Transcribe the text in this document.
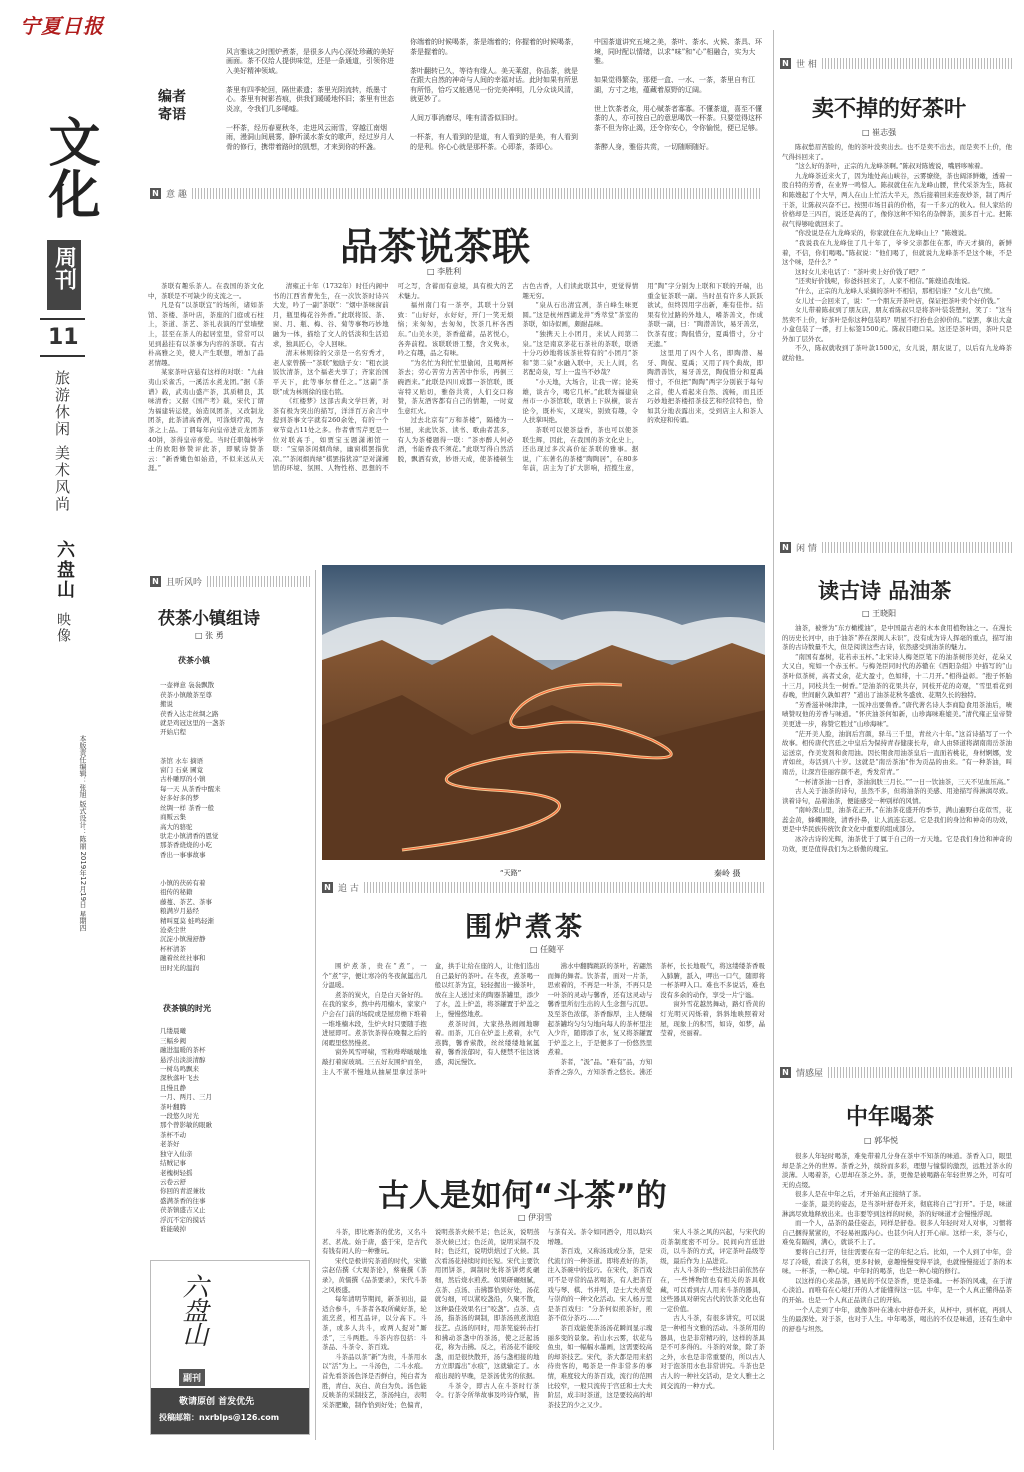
宁夏日报
文化
周刊
11
旅游休闲 美术风尚
六盘山
映像
本版责任编辑：张旭 版式设计：陈丽 2019年12月19日 星期四
编者寄语

风言雅谈之时围炉煮茶，是很多人内心深处珍藏的美好画面。茶不仅给人提供味觉，还是一条通道，引领你进入美好精神领域。

茶里有四季轮回，隔世素遗；茶里光阴流转，纸墨寸心。茶里有树影苔痕，供我们暖暖地怀旧；茶里有世态炎凉，令我们几多唏嘘。

一杯茶，经历春夏秋冬，走进风云雨雪，穿越江南烟雨，漫洞山间晨雾，静听溪水茶女的歌声，经过岁月人骨的修行，携带着路时的凯想，才来到你的杯盏。

你端着的时候喝茶，茶是端着的；你握着的时候喝茶，茶是握着的。

茶叶翻转已久，等待有缘人。美天莱甜，你品茶，就是在跟大自然的神奇与人间的幸福对话。此时如果有所思有所悟，恰巧又能遇见一份完美神明，几分众谈风清，就更妙了。

人间万事消磨尽，唯有清香似旧时。

一杯茶，有人看到的是道，有人看到的是美，有人看到的是利。你心心就是那杯茶。心即茶，茶即心。

中国茶道讲究五境之美，茶叶、茶水、火候、茶具、环境，同时配以情绪，以求“味”和“心”相融合，实为大雅。

如果觉得繁杂，那便一盒、一水、一茶，茶里自有江湖，方寸之地，蕴藏着原野的辽阔。

世上饮茶者众，用心赋茶者寡寡。不懂茶道，喜至不懂茶的人，亦可按自己的意思喝饮一杯茶。只要觉得这杯茶不但为你止渴，还令你安心，令你愉悦，便已足够。

茶醉人身，雅俗共赏，一切随顺随好。

N 意 趣
品茶说茶联
□ 李胜利

茶联有趣乐茶人。在我国的茶文化中，茶联是不可缺少的支流之一。

凡是有“以茶联宜”的场所，诸如茶馆、茶楼、茶叶店，茶座的门庭或石柱上，茶道、茶艺、茶礼表演的厅堂墙壁上，甚至在茶人的起居室里，常常可以见到悬挂有以茶事为内容的茶联。有古朴高雅之美，使人产生联想，增加了品茗情趣。

某家茶叶店悬有这样的对联：“九曲夷山采雀舌，一溪活水煮龙团。”据《茶谱》载，武夷山盛产茶，其质精良，其味清香；又据《国产考》载，宋代丁谓为福建转运使，始造凤团茶，又改制龙团茶，此茶清高香冽，可涤烦疗渴，为茶之上品。丁谓每年向皇帝进贡龙团茶40饼，茶得皇帝喜爱。当时任职翰林学士的欧阳修赞评此茶，即赋诗赞茶云：“新香嫩色如始造，不似来远从天涯。”

清雍正十年（1732年）时任内阁中书的江西省曹先生，在一次饮茶时诗兴大发，吟了一副“茶联”：“烟中茶味窗前月，瓶里梅花谷外香。”此联将饭、茶、窗、月、瓶、梅、谷、菊等事物巧妙地融为一体，描绘了文人的恬淡和生活追求，独具匠心，令人回味。

清末林则徐的父亲是一名穷秀才，老人家曾撰一“茶联”勉励子女：“粗衣淡饭饮清茶，这个福老夫享了；齐家治国平天下，此等事尔曹任之。”这副“茶联”成为林则徐的座右铭。

《红楼梦》这部古典文学巨著，对茶有极为突出的描写，洋洋百万余言中提到茶事文字就有260余处，有的一个章节竟占11处之多。作者曹雪芹更是一位对联高手，如贾宝玉题潇湘馆一联：“宝鼎茶闲烟尚绿，幽窗棋罢指犹凉。”“茶闲烟尚绿”棋罢指犹凉”是对潇湘馆的环境、氛围、人物性格、思想的不可之写，含蓄而有意境，具有极大的艺术魅力。

福州南门有一茶亭，其联十分别致：“山好好，水好好，开门一笑无烦恼；来匆匆，去匆匆，饮茶几杯各西东。”山美水美，茶香蕴蓄，品茗悦心，各奔前程。该联联语工整，含义隽永，吟之有趣，品之有味。

“为名忙为利忙忙里偷闲，且喝两杯茶去；劳心苦劳力苦苦中作乐，再倒三碗酒来。”此联是四川成都一茶馆联，既寄特又贴切，雅俗共赏，人们交口称赞，茶友酒客都有自己的情趣，一时竟生意红火。

过去北京有“万和茶楼”，隔楼为一书屋，来此饮茶、读书、歌曲者甚多，有人为茶楼题得一联：“茶亦醉人何必酒，书能香我不须花。”此联写得自然活脱，飘洒有致，妙语天成，使茶楼顿生古色古香，人们读此联其中，更觉得情趣无穷。

“泉从石出清宜冽，茶自峰生味更圆。”这是杭州西湖龙井“秀萃堂”茶室的茶联，如诗似画，颇耐品味。

“独携天上小团月，来试人间第二泉。”这是南京茅花石茶社的茶联，联语十分巧妙地将该茶社特有的“小团月”茶和“第二泉”水融入联中，天上人间，名茗配奇泉，写上一盅当不妙哉？

“小天地，大场合，让我一席；论英雄，谈古今，喝它几杯。”此联为福建泉州市一小茶馆联，联语上下纵横，谈古论今，既朴实，又现实，别致有趣，令人扶掌叫绝。

茶联可以使茶益香，茶也可以使茶联生辉，因此，在我国的茶文化史上，还出现过多次高价征茶联的雅事。据说，广东著名的茶楼“陶陶居”，在80多年前，店主为了扩大影响，招揽生意，用“陶”字分别为上联和下联的开端，出重金征茶联一副。当时虽有许多人跃跃欲试，但终因用字出新，难有佳作。结果有位过路的外地人，嗜茶善文，作成茶联一副，曰：“陶潜善饮，易牙善烹，饮茶有度；陶侃惜分，夏禹惜寸，分寸无遗。”

这里用了四个人名，即陶潜、易牙、陶侃、夏禹；又用了四个典故，即陶潜善饮，易牙善烹，陶侃惜分和夏禹惜寸，不但把“陶陶”两字分别嵌于每句之首，使人看起来自然、流畅，而且还巧妙地把茶楼招茶技艺和经营特色，恰如其分地表露出来，受到店主人和茶人的欢迎和传诵。

N 且听风吟
茯茶小镇组诗
□ 张 勇
茯茶小镇

一壶禅意 袅袅飘散
茯茶小镇敞茶至尊
搬说
茯香入达走丝绸之路
就是鸡冠这里的一盏茶
开始启程

茶馆 水车 摘语
窗门 石桌 圃竟
古朴雕厚的小镇
每一天 从茶香中醒来
好多好多的梦
丝绸一样 茶香一般
商贩云集
高大的骆驼
驮走小镇清香的恩觉
那茶香烧烧的小吃
香出一事事故事

小镇的茯砖有着
祖传的秘籍
藤蔓、茶艺、茶事
粮满岁月悬经
精叫夏莫 蛙鸣轻渐
沧桑尘世
沉淀小镇漫舒静
杯杯清茶
融着丝丝社事和
田时光的温润

茯茶镇的时光

几缕晨曦
三幅乡阙
融进温暖的茶杯
悬浮出淡淡清醇
一树岛鸣飘来
深秋落叶飞去
且慢且静
一月、两月、三月
茶叶翻腾
一段悠久时光
那个曾影敏的眼瞅
茶杯不动
老茶好
独守入仙亲
结贼记事
老槐树轻摇
云卷云舒
你回的青涩兼妆
盛满茶香的往事
茯茶镇盛吉又止
浮沉不定的摸话
谁能破掉

六盘山
副刊
敬请原创 首发优先
投稿邮箱：nxrblps@126.com
“天路”	秦岭 摄
N 追 古
围炉煮茶
□ 任随平

围炉煮茶，贵在“煮”，一个“煮”字，便让寒冷的冬夜氤氲出几分温暖。

煮茶的炭火，自是白天备好的。在我的家乡，熬中药用楠木，家家户户会在门前的场院或是屋房檐下堆着一堆堆楠木段，生炉火时只要随手抱进屋即可。煮茶饮茶得在晚餐之后的闲暇里悠然慢煮。

窗外风雪呼啸，雪粒哔哔啵啵地敲打着窗玻璃。三五好友围炉而坐，主人不紧不慢地从抽屉里拿过茶叶盒，拱手让给在座的人，让他们选出自己最好的茶叶。在冬夜，煮茶喝一般以红茶为宜，轻轻握出一撮茶叶，放在主人送过来的陶器茶罐里，添少了水，盖上炉盖，将茶罐置于炉盖之上，慢慢悠地煮。

煮茶时间，大家热热闹闹地聊着。而茶，兀自在炉盖上煮着，水气蒸腾，馨香萦散，丝丝缕缕地氤氲着，馨香浓郁时，有人便禁不住这诱惑，渴沅慢饮。

沸水中翻腾跳跃的茶叶，若翩然而舞的舞者。饮茶者，面对一片茶，思索着的，不再是一叶茶，不再只是一叶茶的灵动与馨香，还有这灵动与馨香里所衍生出的人生念想与沉思。及至茶色浓郁，茶香醇厚，主人便端起茶罐均匀匀匀地向每人的茶杯里注入少许，随即添了水，复又将茶罐置于炉盖之上，于是便多了一份悠然里煮着。

茶者，“汲”品。“难有”品，方知茶香之弥久，方知茶香之悠长。沸还茶杯，长长地吸气，将这缕缕茶香吸入肺腑，舐入，呷出一口气，随即将一杯茶呷入口。难也不多说话，难也没有多余的动作，享受一片宁谧。

窗外雪花越然舞动，路灯昏黄的灯光明灭闪烁着，斜斜地映照着对屋，现象上的积雪，如诗，如梦，晶莹着，亮丽着。

古人是如何“斗茶”的
□ 伊羽雪

斗茶，即比赛茶的优劣，又名斗茗、茗战。始于唐，盛于宋，是古代有钱有闲人的一种雅玩。

宋代是极讲究茶道的时代，宋徽宗赵佶撰《大观茶论》，蔡襄撰《茶录》，黄儒撰《品茶要录》，宋代斗茶之风极盛。

每年清明节期间，新茶初出，最适合参斗，斗茶者各取所藏好茶，轮流烹煮，相互品评，以分高下。斗茶，或多人共斗，或两人捉对“厮杀”，三斗两胜。斗茶内容包括：斗茶品、斗茶令、茶百戏。

斗茶品以茶“新”为贵，斗茶用水以“活”为上。一斗汤色，二斗水痕。首先看茶汤色泽是否鲜白，纯白者为胜，青白、灰白、黄白为负。汤色能反映茶的采制技艺，茶汤纯白，表明采茶肥嫩，制作恰到好处；色偏青，说明蒸茶火候不足；色泛灰，说明蒸茶火候已过；色泛黄，说明采制不及时；色泛红，说明烘焙过了火候。其次看汤花持续时间长短。宋代主要饮用团饼茶，调制时先将茶饼烤炙碾细，然后烧水煎煮。如果研碾细腻，点茶、点汤、击拂都恰到好处，汤花就匀细，可以紧咬盏沿，久聚不散，这种最佳效果名曰“咬盏”。点茶、点汤，指茶汤的调制，即茶汤煎煮沏泡技艺。点汤的同时，用茶筅旋转击打和拂动茶盏中的茶汤，使之泛起汤花，称为击拂。反之，若汤花不能咬盏，而是很快散开，汤与盏相接的地方立即露出“水痕”，这就输定了。水痕出现的早晚，是茶汤优劣的依据。

斗茶令，即古人在斗茶时行茶令。行茶令所举故事及吟诗作赋，皆与茶有关。茶令如同酒令，用以助兴增趣。

茶百戏，又称汤戏或分茶，是宋代流行的一种茶道。即将煮好的茶，注入茶碗中的技巧。在宋代，茶百戏可不是寻常的品茗喝茶，有人把茶百戏与琴、棋、书并列，是士大夫喜爱与崇尚的一种文化活动。宋人杨万里是茶百戏归：“分茶何似煎茶好，煎茶不似分茶巧……”

茶百戏能使茶汤汤花瞬间显示瑰丽多变的景象。若山水云雾，状花鸟鱼虫，如一幅幅水墨画，这需要较高的却茶技艺。宋代，茶大都是用来招待贵客的，喝茶是一件非常多的事情，难度较大的茶百戏，流行的范围比较窄，一般只流传于宫廷和士大夫阶层，成丰时茶道，这是要较高的却茶技艺的少之又少。

宋人斗茶之风的兴起，与宋代的贡茶制度密不可分。民间向宫廷进贡，以斗茶的方式，评定茶叶品级等级，最后作为上品进贡。

古人斗茶的一些技法目前依然存在，一些博物馆也有相关的茶具收藏，可以看到古人用来斗茶的器具，这些器具对研究古代的饮茶文化也有一定价值。

古人斗茶，有很多讲究，可以说是一种相当文雅的活动。斗茶所用的器具，也是非常精巧的，这样的茶具是不可多得的。斗茶的对象，除了茶之外，水也是非常重要的，所以古人对于泡茶用水也非常讲究。斗茶也是古人的一种社交活动，是文人雅士之间交流的一种方式。

N 世 相
卖不掉的好茶叶
□ 崔志强

陈叔愁眉苦脸的，他的茶叶没卖出去。也不是卖不出去，而是卖不上价，他气得抖回来了。

“这么好的茶叶，正宗的九龙峰茶啊。”陈叔对陈嫂说，嘴唇哆嗦着。

九龙峰茶近来火了，因为地处高山峡谷，云雾缭绕，茶也阔泽鲜嫩，透着一股自特的芳香，在业界一鸣惊人。陈叔就住在九龙峰山腰，世代采茶为生，陈叔和陈嫂起了个大早，两人在山上忙活大半天，然后接着回来连夜炒茶，制了两斤干茶，让陈叔兴奋不已。按照市场目前的价格，有一千多元的收入。但人家给的价格却是三四百，说还是高的了，像你这种不知名的杂牌茶，顶多百十元。把陈叔气得够呛就回来了。

“你没说是在九龙峰采的，你家就住在九龙峰山上？”陈嫂说。

“我说我在九龙峰住了几十年了，爷爷父亲都住在那，昨天才摘的，新鲜着，不信，你们喝喝。”陈叔说：“他们喝了，但就说九龙峰茶不是这个味，不是这个味，是什么？”

这时女儿来电话了：“茶叶卖上好价钱了吧？”

“还卖好价钱呢，你爸抖回来了，人家不相信。”陈嫂追我地说。

“什么，正宗的九龙峰人采摘的茶叶不相信，那相信谁？”女儿也气愤。

女儿过一会回来了，说：“一个朋友开茶叶店，保证把茶叶卖个好价钱。”

女儿带着陈叔到了朋友店，朋友看陈叔只是将茶叶装袋塑封，笑了：“这当然卖不上价，好茶叶是你这种包装吗？明星不打扮也会掉价的。”说罢，拿出大盒小盒包装了一番，打上标签1500元。陈叔目瞪口呆。这还是茶叶吗，茶叶只是外加了层外衣。

不久，陈叔就收到了茶叶款1500元，女儿说，朋友说了，以后有九龙峰茶就给他。

N 闲 情
读古诗 品油茶
□ 王晓阳

油茶，被誉为“东方橄榄油”，是中国最古老的木本食用植物油之一。在漫长的历史长河中，由于油茶“养在深闺人未识”，没有成为诗人挥毫的重点，描写油茶的古诗数量不大，但是阅读这些古诗，依然感受到油茶的魅力。

“南国有嘉树，花若赤玉杯。”北宋诗人梅尧臣笔下的油茶树形美好，花朵又大又白，宛如一个赤玉杯。与梅尧臣同时代的苏辙在《西阳杂组》中描写的“山茶叶似茶树，高者丈余，花大盈寸，色如绯，十二月开。”相得益彰。“抱子怀胎十三月，同枝共生一树香。”是油茶的花果共存，同枝开花的奇观，“雪里看花到春晚，世间耐久孰如君？”道出了油茶花秋冬盛放、花期久长的独特。

“芳香滋补味津津，一饭冲出要鲁香。”唐代著名诗人李商隐食用茶油后，啧啧赞叹他的芳香与味道。“怀庆油茶何如新，山珍海味难媲美。”清代雍正皇帝赞美更进一步，称赞它胜过“山珍海味”。

“茫开美人脸，油润后宫颜，驿马三千里，青丝六十年。”这首诗描写了一个故事。相传唐代宫廷之中皇后为保持青春健康长寿，命人由驿道将湖南南岳茶油运送京，作美发剂和食用油。因长期食用油茶皇后一直面若桃花，身材婀娜，发青如丝，寿活到八十岁。这就是“南岳茶油”作为贡品的由来。“有一种茶油，叫南岳，让深宫佳丽容颜不老，秀发常青。”

“一杯清茶油一日香，茶油润肤三月长。”“一日一饮油茶，三天不见血压高。”

古人关于油茶的诗句，虽然不多，但将油茶的美感、用途描写得淋漓尽致。读着诗句，品着油茶，便能感受一种别样的风情。

“南岭深山里，油茶花正开。”在油茶花盛开的季节，满山遍野白花似雪，花蕊金黄，蜂蝶围绕，清香扑鼻，让人流连忘返。它是我们的身边和神奇的功效，更是中华民族传统饮食文化中重要的组成部分。

冰冷古诗的光辉，油茶优于了属于自己的一方天地。它是我们身边和神奇的功效，更是值得我们为之骄傲的瑰宝。

N 情感屋
中年喝茶
□ 郭华悦

很多人年轻时喝茶，难免带着几分身在茶中不知茶的味道。茶香入口，眼里却是茶之外的世界。茶香之外，缤纷而多彩，理想与憧憬的激烈，远胜过茶水的淡薄。人喝着茶，心思却在茶之外。茶，更像是被喝路在年轻世界之外，可有可无的点缀。

很多人是在中年之后，才开始真正接纳了茶。

一壶茶，最美的姿态，是当茶叶舒卷开来，彻底将自己“打开”。于是，味道淋漓尽致地释放出来。也非要等到这样的时候，茶的好味道才会慢慢浮现。

而一个人，品茶的最佳姿态，同样是舒卷。很多人年轻时对人对事，习惯将自己捆得紧紧的，不轻易袒露内心。也甚少向人打开心扉。这样一来，茶与心，难免有隔阂，满心，就谈不上了。

要将自己打开，往往需要在有一定的年纪之后。比如，一个人到了中年，尝尽了冷暖，看淡了名利，更多时候，意趣慢慢变得平淡，也就慢慢接近了茶的本味。一杯茶，一种心境。中年时的喝茶，也是一种心境的修行。

以这样的心来品茶，遇见的不仅是茶香，更是茶魂。一杯茶的风魂，在于清心淡泊。而唯有在心境打开的人才能懂得这一层。中年，是一个人真正懂得品茶的开始。也是一个人真正品读自己的开始。

一个人走到了中年，就像茶叶在沸水中舒卷开来，从杯中，到杯底，再到人生的最深处。对于茶，也对于人生。中年喝茶，喝出的不仅是味道，还有生命中的舒卷与坦然。
